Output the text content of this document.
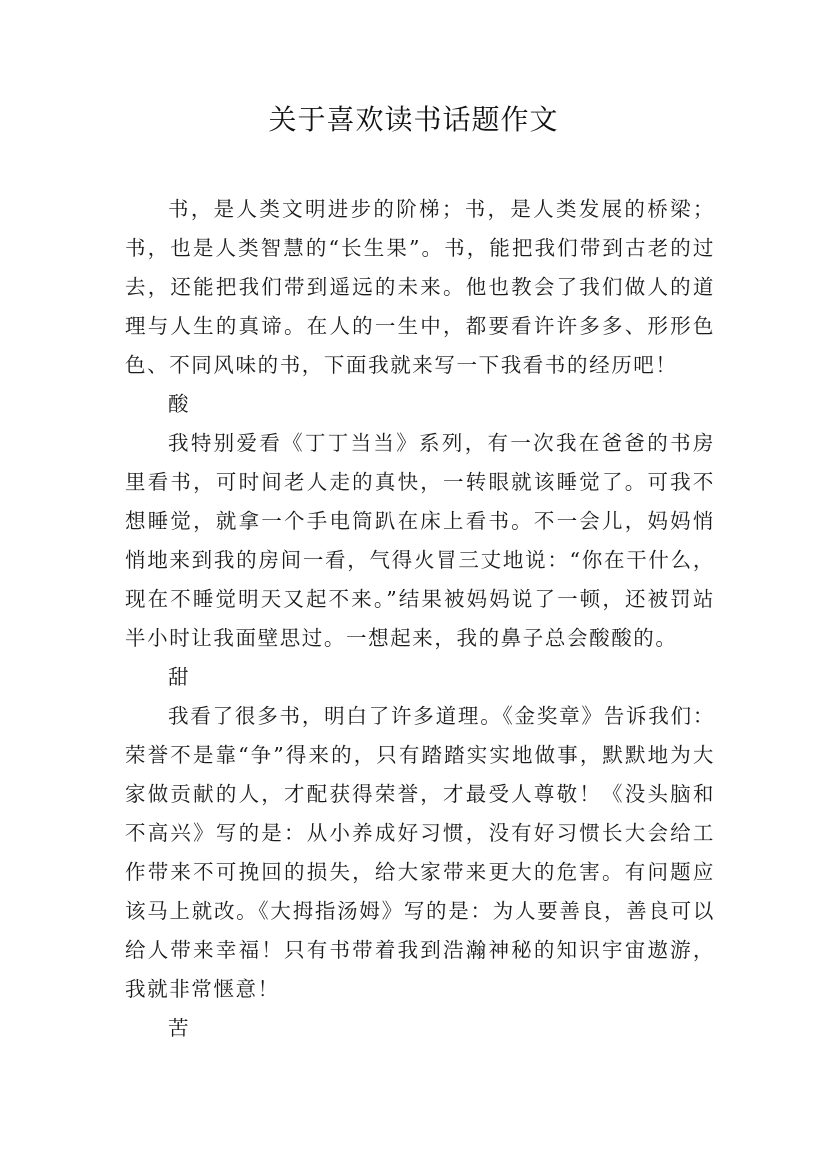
关于喜欢读书话题作文

书，是人类文明进步的阶梯；书，是人类发展的桥梁；书，也是人类智慧的“长生果”。书，能把我们带到古老的过去，还能把我们带到遥远的未来。他也教会了我们做人的道理与人生的真谛。在人的一生中，都要看许许多多、形形色色、不同风味的书，下面我就来写一下我看书的经历吧！

酸

我特别爱看《丁丁当当》系列，有一次我在爸爸的书房里看书，可时间老人走的真快，一转眼就该睡觉了。可我不想睡觉，就拿一个手电筒趴在床上看书。不一会儿，妈妈悄悄地来到我的房间一看，气得火冒三丈地说：“你在干什么，现在不睡觉明天又起不来。”结果被妈妈说了一顿，还被罚站半小时让我面壁思过。一想起来，我的鼻子总会酸酸的。

甜

我看了很多书，明白了许多道理。《金奖章》告诉我们：荣誉不是靠“争”得来的，只有踏踏实实地做事，默默地为大家做贡献的人，才配获得荣誉，才最受人尊敬！《没头脑和不高兴》写的是：从小养成好习惯，没有好习惯长大会给工作带来不可挽回的损失，给大家带来更大的危害。有问题应该马上就改。《大拇指汤姆》写的是：为人要善良，善良可以给人带来幸福！只有书带着我到浩瀚神秘的知识宇宙遨游，我就非常惬意！

苦
